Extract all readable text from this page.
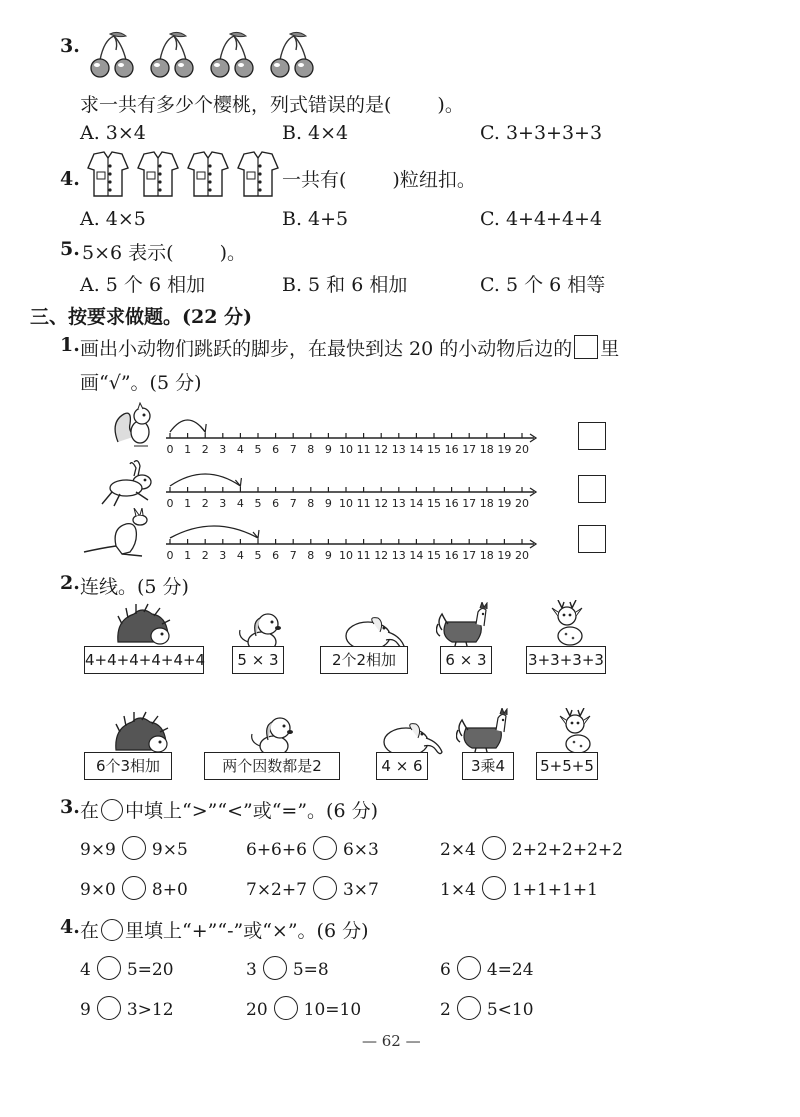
3.
求一共有多少个樱桃，列式错误的是( )。
A. 3×4	B. 4×4	C. 3+3+3+3
4.	一共有( )粒纽扣。
A. 4×5	B. 4+5	C. 4+4+4+4
5. 5×6 表示( )。
A. 5 个 6 相加	B. 5 和 6 相加	C. 5 个 6 相等
三、按要求做题。(22 分)
1. 画出小动物们跳跃的脚步，在最快到达 20 的小动物后边的 里
画“√”。(5 分)
0 1 2 3 4 5 6 7 8 9 10 11 12 13 14 15 16 17 18 19 20
0 1 2 3 4 5 6 7 8 9 10 11 12 13 14 15 16 17 18 19 20
0 1 2 3 4 5 6 7 8 9 10 11 12 13 14 15 16 17 18 19 20
2. 连线。(5 分)
4+4+4+4+4+4	5 × 3	2个2相加	6 × 3	3+3+3+3
6个3相加	两个因数都是2	4 × 6	3乘4	5+5+5
3. 在 中填上“>”“<”或“=”。(6 分)
9×9 9×5	6+6+6 6×3	2×4 2+2+2+2+2
9×0 8+0	7×2+7 3×7	1×4 1+1+1+1
4. 在 里填上“+”“-”或“×”。(6 分)
4 5=20	3 5=8	6 4=24
9 3>12	20 10=10	2 5<10
— 62 —
